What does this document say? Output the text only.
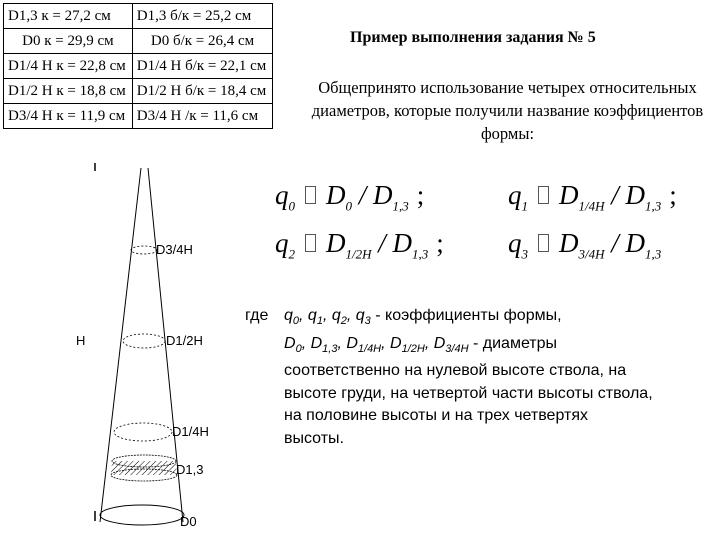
D1,3 к = 27,2 см	D1,3 б/к = 25,2 см
D0 к = 29,9 см	D0 б/к = 26,4 см
D1/4 H к = 22,8 см	D1/4 H б/к = 22,1 см
D1/2 H к = 18,8 см	D1/2 H б/к = 18,4 см
D3/4 H к = 11,9 см	D3/4 H /к = 11,6 см
Пример выполнения задания № 5
Общепринято использование четырех относительных диаметров, которые получили название коэффициентов формы:
$q_0$ $D_0 / D_{1,3}$ ;	$q_1$ $D_{1/4H} / D_{1,3}$ ;
$q_2$ $D_{1/2H} / D_{1,3}$ ; $q_3$ $D_{3/4H} / D_{1,3}$
где $q_0$, $q_1$, $q_2$, $q_3$ - коэффициенты формы,
$D_0$, $D_{1,3}$, $D_{1/4H}$, $D_{1/2H}$, $D_{3/4H}$ - диаметры
соответственно на нулевой высоте ствола, на
высоте груди, на четвертой части высоты ствола,
на половине высоты и на трех четвертях
высоты.
D3/4H
H	D1/2H
D1/4H
D1,3
D0
